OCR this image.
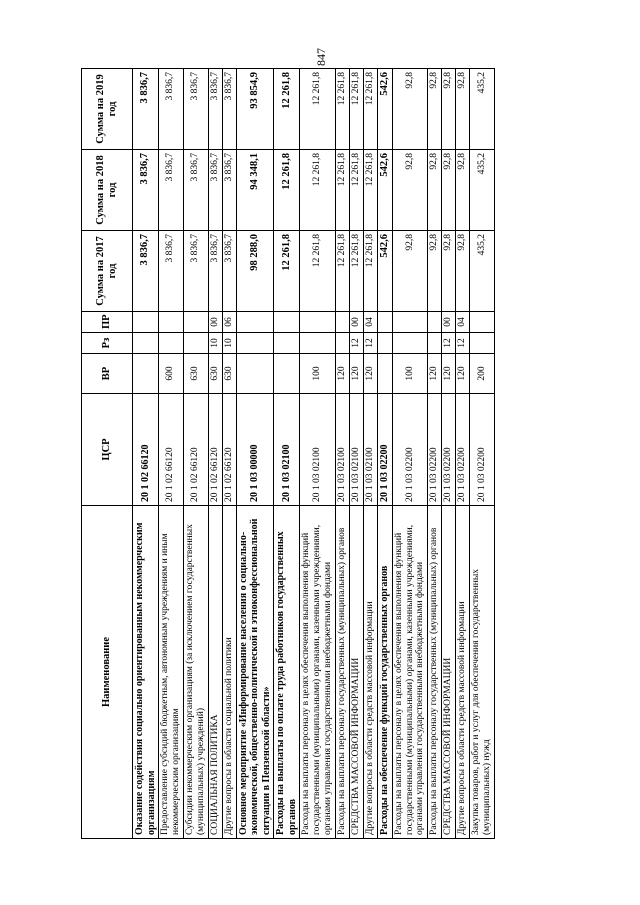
847
Наименование	ЦСР	ВР	Рз	ПР	Сумма на 2017 год	Сумма на 2018 год	Сумма на 2019 год
Оказание содействия социально ориентированным некоммерческим организациям	20 1 02 66120				3 836,7	3 836,7	3 836,7
Предоставление субсидий бюджетным, автономным учреждениям и иным некоммерческим организациям	20 1 02 66120	600			3 836,7	3 836,7	3 836,7
Субсидии некоммерческим организациям (за исключением государственных (муниципальных) учреждений)	20 1 02 66120	630			3 836,7	3 836,7	3 836,7
СОЦИАЛЬНАЯ ПОЛИТИКА	20 1 02 66120	630	10	00	3 836,7	3 836,7	3 836,7
Другие вопросы в области социальной политики	20 1 02 66120	630	10	06	3 836,7	3 836,7	3 836,7
Основное мероприятие «Информирование населения о социально-экономической, общественно-политической и этноконфессиональной ситуации в Пензенской области»	20 1 03 00000				98 288,0	94 348,1	93 854,9
Расходы на выплаты по оплате труда работников государственных органов	20 1 03 02100				12 261,8	12 261,8	12 261,8
Расходы на выплаты персоналу в целях обеспечения выполнения функций государственными (муниципальными) органами, казенными учреждениями, органами управления государственными внебюджетными фондами	20 1 03 02100	100			12 261,8	12 261,8	12 261,8
Расходы на выплаты персоналу государственных (муниципальных) органов	20 1 03 02100	120			12 261,8	12 261,8	12 261,8
СРЕДСТВА МАССОВОЙ ИНФОРМАЦИИ	20 1 03 02100	120	12	00	12 261,8	12 261,8	12 261,8
Другие вопросы в области средств массовой информации	20 1 03 02100	120	12	04	12 261,8	12 261,8	12 261,8
Расходы на обеспечение функций государственных органов	20 1 03 02200				542,6	542,6	542,6
Расходы на выплаты персоналу в целях обеспечения выполнения функций государственными (муниципальными) органами, казенными учреждениями, органами управления государственными внебюджетными фондами	20 1 03 02200	100			92,8	92,8	92,8
Расходы на выплаты персоналу государственных (муниципальных) органов	20 1 03 02200	120			92,8	92,8	92,8
СРЕДСТВА МАССОВОЙ ИНФОРМАЦИИ	20 1 03 02200	120	12	00	92,8	92,8	92,8
Другие вопросы в области средств массовой информации	20 1 03 02200	120	12	04	92,8	92,8	92,8
Закупка товаров, работ и услуг для обеспечения государственных (муниципальных) нужд	20 1 03 02200	200			435,2	435,2	435,2
